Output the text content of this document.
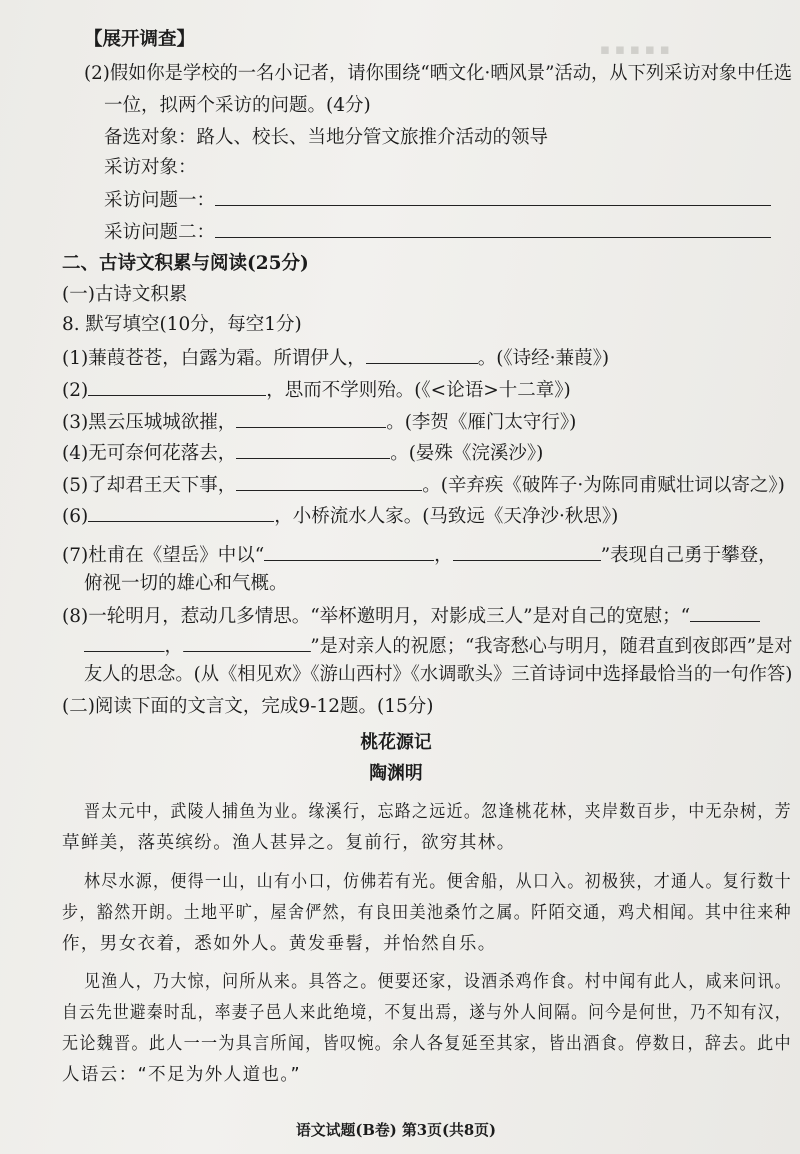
▪ ▪ ▪ ▪ ▪
【展开调查】
(2)假如你是学校的一名小记者，请你围绕“晒文化·晒风景”活动，从下列采访对象中任选
一位，拟两个采访的问题。(4分)
备选对象：路人、校长、当地分管文旅推介活动的领导
采访对象：
采访问题一：
采访问题二：
二、古诗文积累与阅读(25分)
(一)古诗文积累
8. 默写填空(10分，每空1分)
(1)蒹葭苍苍，白露为霜。所谓伊人，	。(《诗经·蒹葭》)
(2)	，思而不学则殆。(《<论语>十二章》)
(3)黑云压城城欲摧，	。(李贺《雁门太守行》)
(4)无可奈何花落去，	。(晏殊《浣溪沙》)
(5)了却君王天下事，	。(辛弃疾《破阵子·为陈同甫赋壮词以寄之》)
(6)	，小桥流水人家。(马致远《天净沙·秋思》)
(7)杜甫在《望岳》中以“	，	”表现自己勇于攀登，
俯视一切的雄心和气概。
(8)一轮明月，惹动几多情思。“举杯邀明月，对影成三人”是对自己的宽慰；“
，	”是对亲人的祝愿；“我寄愁心与明月，随君直到夜郎西”是对
友人的思念。(从《相见欢》《游山西村》《水调歌头》三首诗词中选择最恰当的一句作答)
(二)阅读下面的文言文，完成9-12题。(15分)
桃花源记
陶渊明
晋太元中，武陵人捕鱼为业。缘溪行，忘路之远近。忽逢桃花林，夹岸数百步，中无杂树，芳
草鲜美，落英缤纷。渔人甚异之。复前行，欲穷其林。
林尽水源，便得一山，山有小口，仿佛若有光。便舍船，从口入。初极狭，才通人。复行数十
步，豁然开朗。土地平旷，屋舍俨然，有良田美池桑竹之属。阡陌交通，鸡犬相闻。其中往来种
作，男女衣着，悉如外人。黄发垂髫，并怡然自乐。
见渔人，乃大惊，问所从来。具答之。便要还家，设酒杀鸡作食。村中闻有此人，咸来问讯。
自云先世避秦时乱，率妻子邑人来此绝境，不复出焉，遂与外人间隔。问今是何世，乃不知有汉，
无论魏晋。此人一一为具言所闻，皆叹惋。余人各复延至其家，皆出酒食。停数日，辞去。此中
人语云：“不足为外人道也。”
语文试题(B卷) 第3页(共8页)
